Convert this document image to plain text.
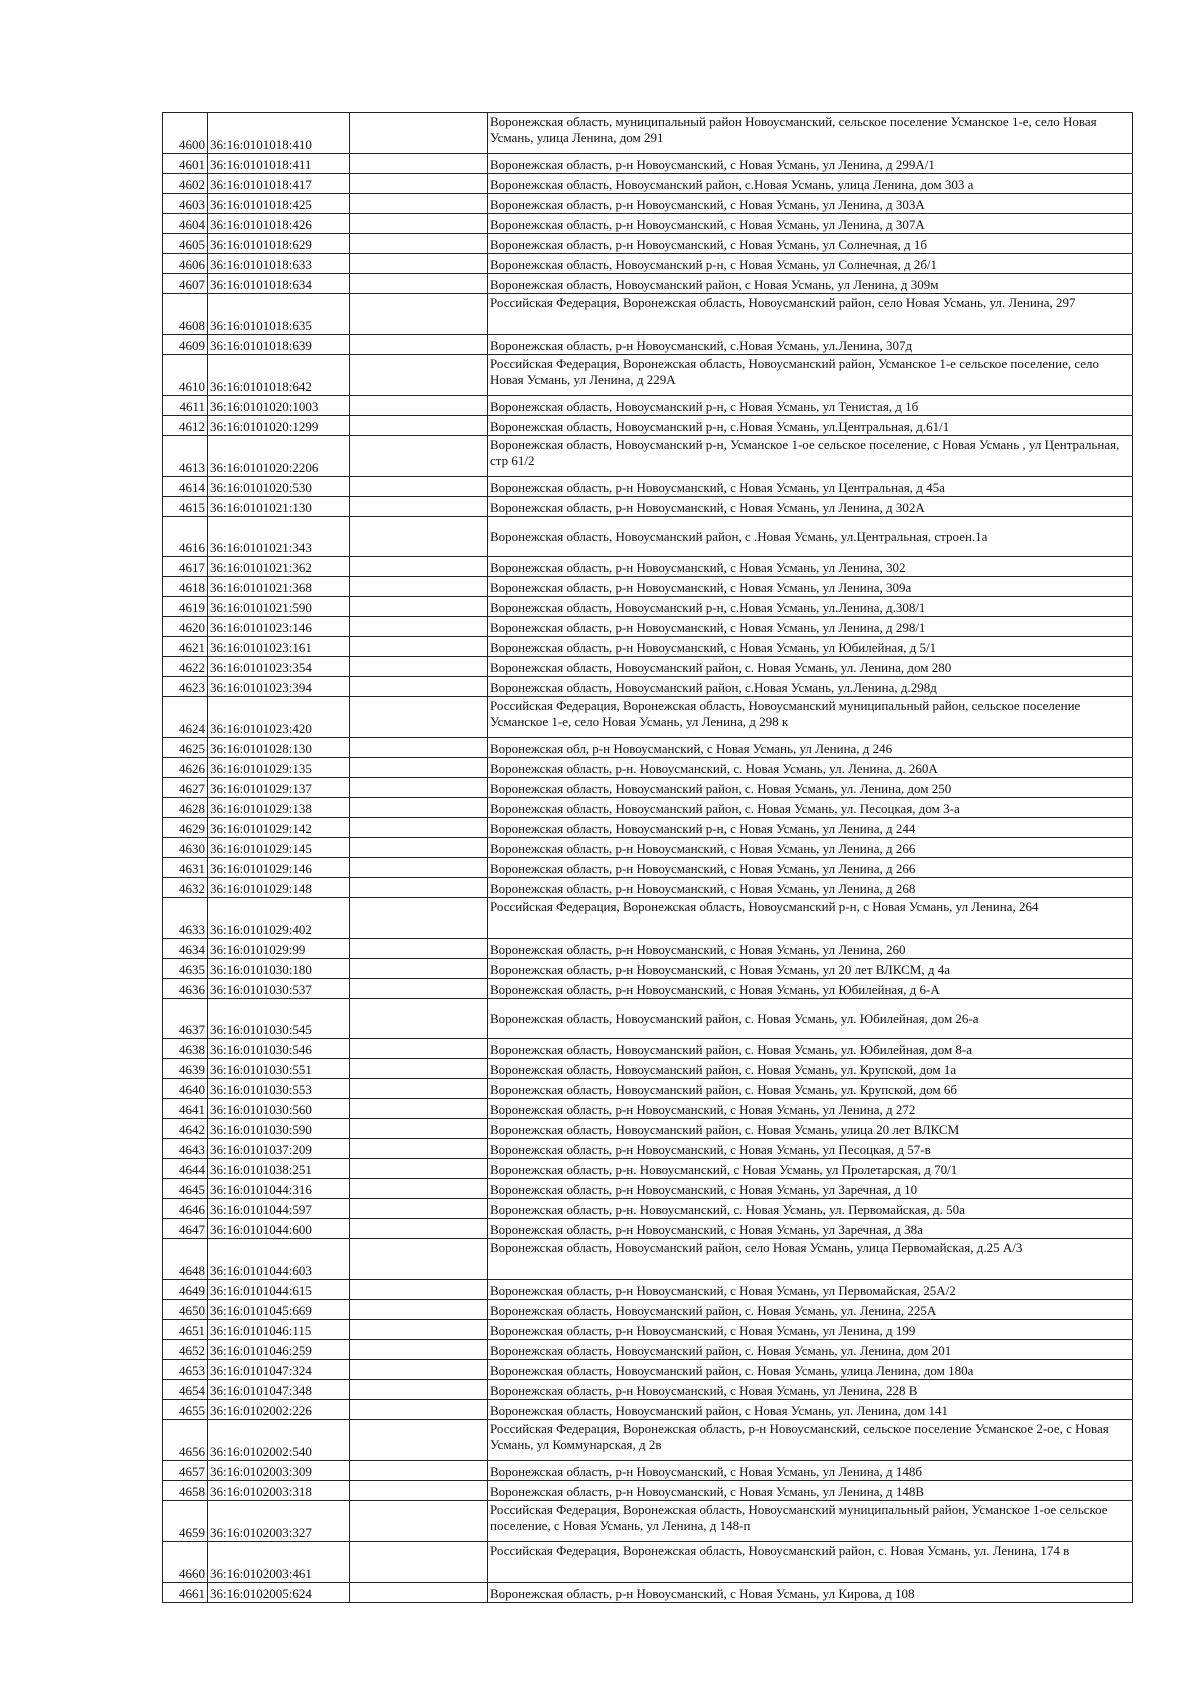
4600	36:16:0101018:410		Воронежская область, муниципальный район Новоусманский, сельское поселение Усманское 1-е, село Новая Усмань, улица Ленина, дом 291
4601	36:16:0101018:411		Воронежская область, р-н Новоусманский, с Новая Усмань, ул Ленина, д 299А/1
4602	36:16:0101018:417		Воронежская область, Новоусманский район, с.Новая Усмань, улица Ленина, дом 303 а
4603	36:16:0101018:425		Воронежская область, р-н Новоусманский, с Новая Усмань, ул Ленина, д 303А
4604	36:16:0101018:426		Воронежская область, р-н Новоусманский, с Новая Усмань, ул Ленина, д 307А
4605	36:16:0101018:629		Воронежская область, р-н Новоусманский, с Новая Усмань, ул Солнечная, д 1б
4606	36:16:0101018:633		Воронежская область, Новоусманский р-н, с Новая Усмань, ул Солнечная, д 2б/1
4607	36:16:0101018:634		Воронежская область, Новоусманский район, с Новая Усмань, ул Ленина, д 309м
4608	36:16:0101018:635		Российская Федерация, Воронежская область, Новоусманский район, село Новая Усмань, ул. Ленина, 297
4609	36:16:0101018:639		Воронежская область, р-н Новоусманский, с.Новая Усмань, ул.Ленина, 307д
4610	36:16:0101018:642		Российская Федерация, Воронежская область, Новоусманский район, Усманское 1-е сельское поселение, село Новая Усмань, ул Ленина, д 229А
4611	36:16:0101020:1003		Воронежская область, Новоусманский р-н, с Новая Усмань, ул Тенистая, д 1б
4612	36:16:0101020:1299		Воронежская область, Новоусманский р-н, с.Новая Усмань, ул.Центральная, д.61/1
4613	36:16:0101020:2206		Воронежская область, Новоусманский р-н, Усманское 1-ое сельское поселение, с Новая Усмань , ул Центральная, стр 61/2
4614	36:16:0101020:530		Воронежская область, р-н Новоусманский, с Новая Усмань, ул Центральная, д 45а
4615	36:16:0101021:130		Воронежская область, р-н Новоусманский, с Новая Усмань, ул Ленина, д 302А
4616	36:16:0101021:343		Воронежская область, Новоусманский район, с .Новая Усмань, ул.Центральная, строен.1а
4617	36:16:0101021:362		Воронежская область, р-н Новоусманский, с Новая Усмань, ул Ленина, 302
4618	36:16:0101021:368		Воронежская область, р-н Новоусманский, с Новая Усмань, ул Ленина, 309а
4619	36:16:0101021:590		Воронежская область, Новоусманский р-н, с.Новая Усмань, ул.Ленина, д.308/1
4620	36:16:0101023:146		Воронежская область, р-н Новоусманский, с Новая Усмань, ул Ленина, д 298/1
4621	36:16:0101023:161		Воронежская область, р-н Новоусманский, с Новая Усмань, ул Юбилейная, д 5/1
4622	36:16:0101023:354		Воронежская область, Новоусманский район, с. Новая Усмань, ул. Ленина, дом 280
4623	36:16:0101023:394		Воронежская область, Новоусманский район, с.Новая Усмань, ул.Ленина, д.298д
4624	36:16:0101023:420		Российская Федерация, Воронежская область, Новоусманский муниципальный район, сельское поселение Усманское 1-е, село Новая Усмань, ул Ленина, д 298 к
4625	36:16:0101028:130		Воронежская обл, р-н Новоусманский, с Новая Усмань, ул Ленина, д 246
4626	36:16:0101029:135		Воронежская область, р-н. Новоусманский, с. Новая Усмань, ул. Ленина, д. 260А
4627	36:16:0101029:137		Воронежская область, Новоусманский район, с. Новая Усмань, ул. Ленина, дом 250
4628	36:16:0101029:138		Воронежская область, Новоусманский район, с. Новая Усмань, ул. Песоцкая, дом 3-а
4629	36:16:0101029:142		Воронежская область, Новоусманский р-н, с Новая Усмань, ул Ленина, д 244
4630	36:16:0101029:145		Воронежская область, р-н Новоусманский, с Новая Усмань, ул Ленина, д 266
4631	36:16:0101029:146		Воронежская область, р-н Новоусманский, с Новая Усмань, ул Ленина, д 266
4632	36:16:0101029:148		Воронежская область, р-н Новоусманский, с Новая Усмань, ул Ленина, д 268
4633	36:16:0101029:402		Российская Федерация, Воронежская область, Новоусманский р-н, с Новая Усмань, ул Ленина, 264
4634	36:16:0101029:99		Воронежская область, р-н Новоусманский, с Новая Усмань, ул Ленина, 260
4635	36:16:0101030:180		Воронежская область, р-н Новоусманский, с Новая Усмань, ул 20 лет ВЛКСМ, д 4а
4636	36:16:0101030:537		Воронежская область, р-н Новоусманский, с Новая Усмань, ул Юбилейная, д 6-А
4637	36:16:0101030:545		Воронежская область, Новоусманский район, с. Новая Усмань, ул. Юбилейная, дом 26-а
4638	36:16:0101030:546		Воронежская область, Новоусманский район, с. Новая Усмань, ул. Юбилейная, дом 8-а
4639	36:16:0101030:551		Воронежская область, Новоусманский район, с. Новая Усмань, ул. Крупской, дом 1а
4640	36:16:0101030:553		Воронежская область, Новоусманский район, с. Новая Усмань, ул. Крупской, дом 6б
4641	36:16:0101030:560		Воронежская область, р-н Новоусманский, с Новая Усмань, ул Ленина, д 272
4642	36:16:0101030:590		Воронежская область, Новоусманский район, с. Новая Усмань, улица 20 лет ВЛКСМ
4643	36:16:0101037:209		Воронежская область, р-н Новоусманский, с Новая Усмань, ул Песоцкая, д 57-в
4644	36:16:0101038:251		Воронежская область, р-н. Новоусманский, с Новая Усмань, ул Пролетарская, д 70/1
4645	36:16:0101044:316		Воронежская область, р-н Новоусманский, с Новая Усмань, ул Заречная, д 10
4646	36:16:0101044:597		Воронежская область, р-н. Новоусманский, с. Новая Усмань, ул. Первомайская, д. 50а
4647	36:16:0101044:600		Воронежская область, р-н Новоусманский, с Новая Усмань, ул Заречная, д 38а
4648	36:16:0101044:603		Воронежская область, Новоусманский район, село Новая Усмань, улица Первомайская, д.25 А/3
4649	36:16:0101044:615		Воронежская область, р-н Новоусманский, с Новая Усмань, ул Первомайская, 25А/2
4650	36:16:0101045:669		Воронежская область, Новоусманский район, с. Новая Усмань, ул. Ленина, 225А
4651	36:16:0101046:115		Воронежская область, р-н Новоусманский, с Новая Усмань, ул Ленина, д 199
4652	36:16:0101046:259		Воронежская область, Новоусманский район, с. Новая Усмань, ул. Ленина, дом 201
4653	36:16:0101047:324		Воронежская область, Новоусманский район, с. Новая Усмань, улица Ленина, дом 180а
4654	36:16:0101047:348		Воронежская область, р-н Новоусманский, с Новая Усмань, ул Ленина, 228 В
4655	36:16:0102002:226		Воронежская область, Новоусманский район, с Новая Усмань, ул. Ленина, дом 141
4656	36:16:0102002:540		Российская Федерация, Воронежская область, р-н Новоусманский, сельское поселение Усманское 2-ое, с Новая Усмань, ул Коммунарская, д 2в
4657	36:16:0102003:309		Воронежская область, р-н Новоусманский, с Новая Усмань, ул Ленина, д 148б
4658	36:16:0102003:318		Воронежская область, р-н Новоусманский, с Новая Усмань, ул Ленина, д 148В
4659	36:16:0102003:327		Российская Федерация, Воронежская область, Новоусманский муниципальный район, Усманское 1-ое сельское поселение, с Новая Усмань, ул Ленина, д 148-п
4660	36:16:0102003:461		Российская Федерация, Воронежская область, Новоусманский район, с. Новая Усмань, ул. Ленина, 174 в
4661	36:16:0102005:624		Воронежская область, р-н Новоусманский, с Новая Усмань, ул Кирова, д 108
